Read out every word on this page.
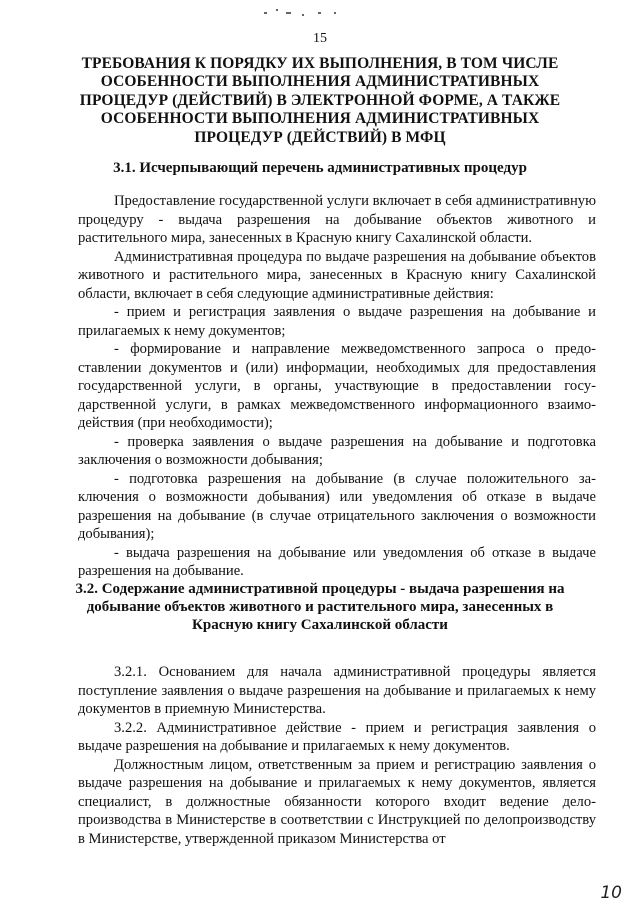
15
ТРЕБОВАНИЯ К ПОРЯДКУ ИХ ВЫПОЛНЕНИЯ, В ТОМ ЧИСЛЕ ОСОБЕННОСТИ ВЫПОЛНЕНИЯ АДМИНИСТРАТИВНЫХ ПРОЦЕДУР (ДЕЙСТВИЙ) В ЭЛЕКТРОННОЙ ФОРМЕ, А ТАКЖЕ ОСОБЕННОСТИ ВЫПОЛНЕНИЯ АДМИНИСТРАТИВНЫХ ПРОЦЕДУР (ДЕЙСТВИЙ) В МФЦ
3.1. Исчерпывающий перечень административных процедур

Предоставление государственной услуги включает в себя административную процедуру - выдача разрешения на добывание объектов животного и растительного мира, занесенных в Красную книгу Сахалинской области.

Административная процедура по выдаче разрешения на добывание объектов животного и растительного мира, занесенных в Красную книгу Сахалинской области, включает в себя следующие административные действия:

- прием и регистрация заявления о выдаче разрешения на добывание и прилагаемых к нему документов;

- формирование и направление межведомственного запроса о предоставлении документов и (или) информации, необходимых для предоставления государственной услуги, в органы, участвующие в предоставлении государственной услуги, в рамках межведомственного информационного взаимодействия (при необходимости);

- проверка заявления о выдаче разрешения на добывание и подготовка заключения о возможности добывания;

- подготовка разрешения на добывание (в случае положительного заключения о возможности добывания) или уведомления об отказе в выдаче разрешения на добывание (в случае отрицательного заключения о возможности добывания);

- выдача разрешения на добывание или уведомления об отказе в выдаче разрешения на добывание.

3.2. Содержание административной процедуры - выдача разрешения на добывание объектов животного и растительного мира, занесенных в Красную книгу Сахалинской области

3.2.1. Основанием для начала административной процедуры является поступление заявления о выдаче разрешения на добывание и прилагаемых к нему документов в приемную Министерства.

3.2.2. Административное действие - прием и регистрация заявления о выдаче разрешения на добывание и прилагаемых к нему документов.

Должностным лицом, ответственным за прием и регистрацию заявления о выдаче разрешения на добывание и прилагаемых к нему документов, является специалист, в должностные обязанности которого входит ведение делопроизводства в Министерстве в соответствии с Инструкцией по делопроизводству в Министерстве, утвержденной приказом Министерства от

10
